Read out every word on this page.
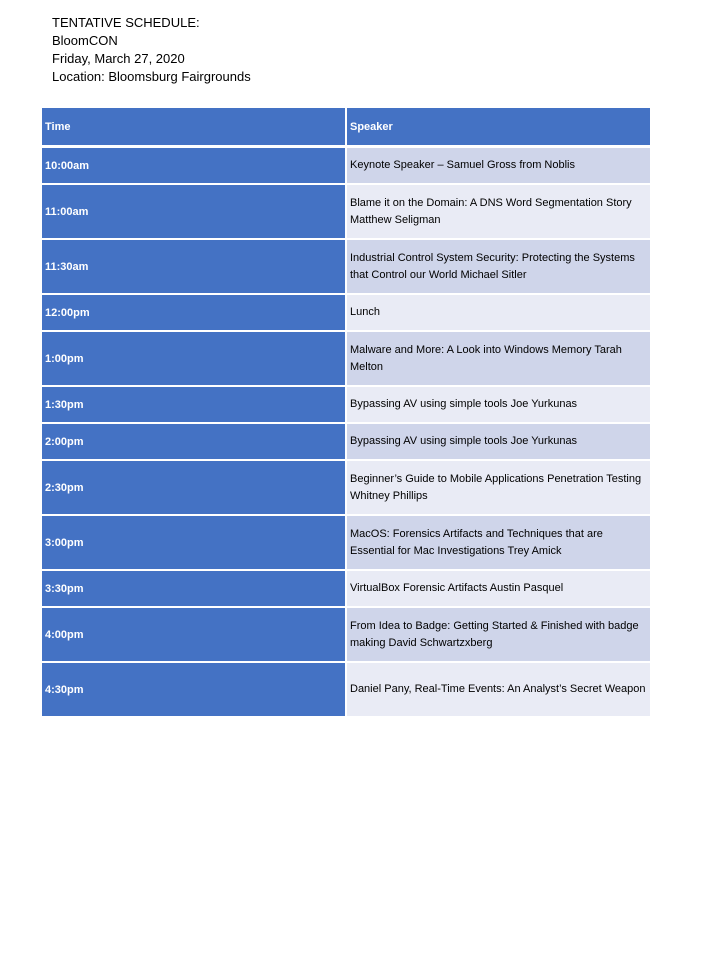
TENTATIVE SCHEDULE:
BloomCON
Friday, March 27, 2020
Location: Bloomsburg Fairgrounds
Time	Speaker
10:00am	Keynote Speaker – Samuel Gross from Noblis
11:00am	Blame it on the Domain: A DNS Word Segmentation Story Matthew Seligman
11:30am	Industrial Control System Security: Protecting the Systems that Control our World Michael Sitler
12:00pm	Lunch
1:00pm	Malware and More: A Look into Windows Memory Tarah Melton
1:30pm	Bypassing AV using simple tools Joe Yurkunas
2:00pm	Bypassing AV using simple tools Joe Yurkunas
2:30pm	Beginner’s Guide to Mobile Applications Penetration Testing Whitney Phillips
3:00pm	MacOS: Forensics Artifacts and Techniques that are Essential for Mac Investigations Trey Amick
3:30pm	VirtualBox Forensic Artifacts Austin Pasquel
4:00pm	From Idea to Badge: Getting Started & Finished with badge making David Schwartzxberg
4:30pm	Daniel Pany, Real-Time Events: An Analyst’s Secret Weapon
